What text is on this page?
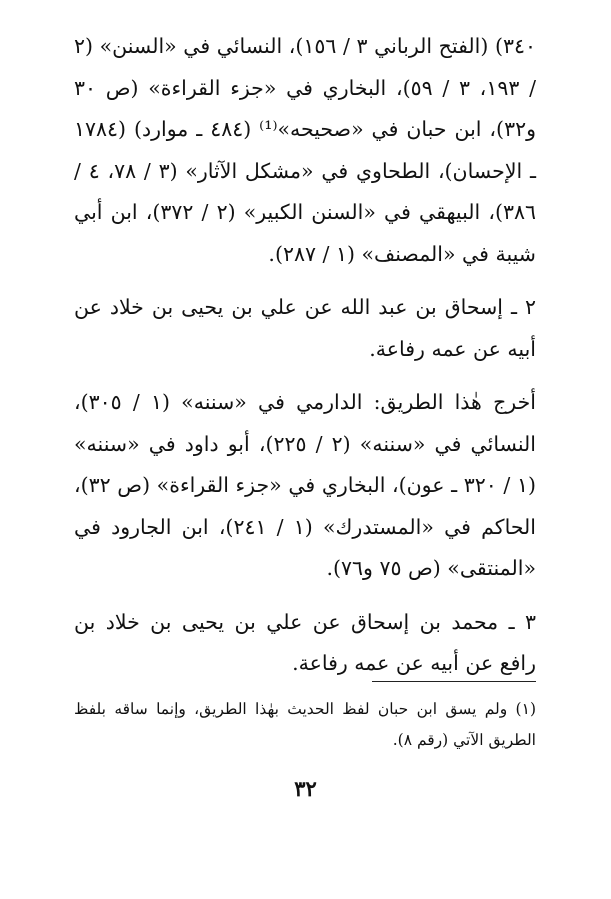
٣٤٠) (الفتح الرباني ٣ / ١٥٦)، النسائي في «السنن» (٢ / ١٩٣، ٣ / ٥٩)، البخاري في «جزء القراءة» (ص ٣٠ و٣٢)، ابن حبان في «صحيحه»⁽¹⁾ (٤٨٤ ـ موارد) (١٧٨٤ ـ الإحسان)، الطحاوي في «مشكل الآثار» (٣ / ٧٨، ٤ / ٣٨٦)، البيهقي في «السنن الكبير» (٢ / ٣٧٢)، ابن أبي شيبة في «المصنف» (١ / ٢٨٧).

٢ ـ إسحاق بن عبد الله عن علي بن يحيى بن خلاد عن أبيه عن عمه رفاعة.

أخرج هٰذا الطريق: الدارمي في «سننه» (١ / ٣٠٥)، النسائي في «سننه» (٢ / ٢٢٥)، أبو داود في «سننه» (١ / ٣٢٠ ـ عون)، البخاري في «جزء القراءة» (ص ٣٢)، الحاكم في «المستدرك» (١ / ٢٤١)، ابن الجارود في «المنتقى» (ص ٧٥ و٧٦).

٣ ـ محمد بن إسحاق عن علي بن يحيى بن خلاد بن رافع عن أبيه عن عمه رفاعة.

(١) ولم يسق ابن حبان لفظ الحديث بهٰذا الطريق، وإنما ساقه بلفظ الطريق الآتي (رقم ٨).

٣٢
